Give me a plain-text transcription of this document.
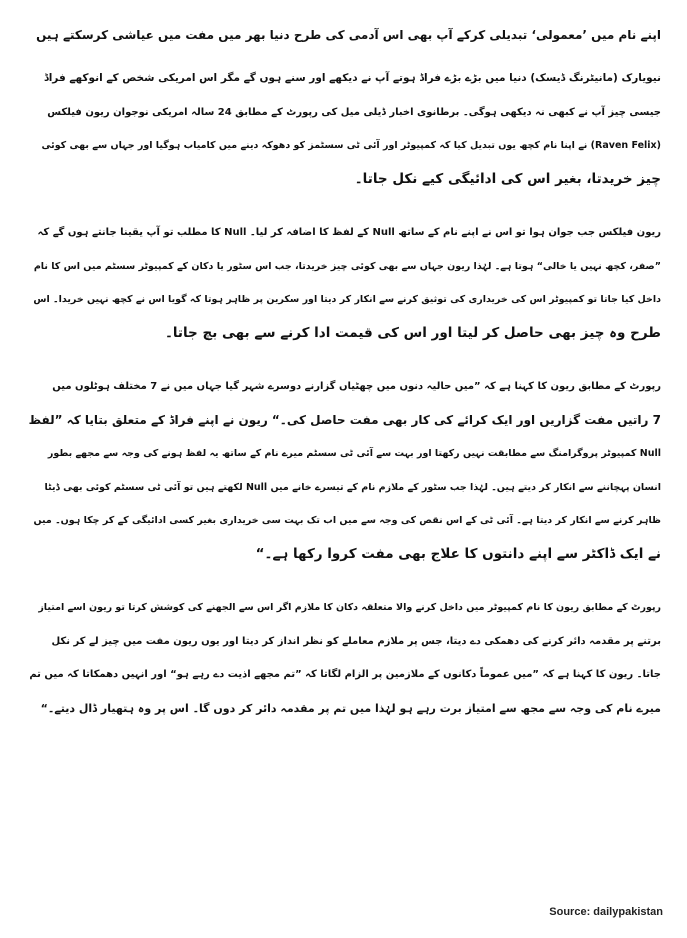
اپنے نام میں ’معمولی‘ تبدیلی کرکے آپ بھی اس آدمی کی طرح دنیا بھر میں مفت میں عیاشی کرسکتے ہیں
نیویارک (مانیٹرنگ ڈیسک) دنیا میں بڑے بڑے فراڈ ہوتے آپ نے دیکھے اور سنے ہوں گے مگر اس امریکی شخص کے انوکھے فراڈ
جیسی چیز آپ نے کبھی نہ دیکھی ہوگی۔ برطانوی اخبار ڈیلی میل کی رپورٹ کے مطابق 24 سالہ امریکی نوجوان ریون فیلکس
(Raven Felix) نے اپنا نام کچھ یوں تبدیل کیا کہ کمپیوٹر اور آئی ٹی سسٹمز کو دھوکہ دینے میں کامیاب ہوگیا اور جہاں سے بھی کوئی
چیز خریدتا، بغیر اس کی ادائیگی کیے نکل جاتا۔
ریون فیلکس جب جوان ہوا تو اس نے اپنے نام کے ساتھ Null کے لفظ کا اضافہ کر لیا۔ Null کا مطلب تو آپ یقینا جانتے ہوں گے کہ
”صفر، کچھ نہیں یا خالی“ ہوتا ہے۔ لہٰذا ریون جہاں سے بھی کوئی چیز خریدتا، جب اس سٹور یا دکان کے کمپیوٹر سسٹم میں اس کا نام
داخل کیا جاتا تو کمپیوٹر اس کی خریداری کی توثیق کرنے سے انکار کر دیتا اور سکرین پر ظاہر ہوتا کہ گویا اس نے کچھ نہیں خریدا۔ اس
طرح وہ چیز بھی حاصل کر لیتا اور اس کی قیمت ادا کرنے سے بھی بچ جاتا۔
رپورٹ کے مطابق ریون کا کہنا ہے کہ ”میں حالیہ دنوں میں چھٹیاں گزارنے دوسرے شہر گیا جہاں میں نے 7 مختلف ہوٹلوں میں
7 راتیں مفت گزاریں اور ایک کرائے کی کار بھی مفت حاصل کی۔“ ریون نے اپنے فراڈ کے متعلق بتایا کہ ”لفظ
Null کمپیوٹر پروگرامنگ سے مطابقت نہیں رکھتا اور بہت سے آئی ٹی سسٹم میرے نام کے ساتھ یہ لفظ ہونے کی وجہ سے مجھے بطور
انسان پہچاننے سے انکار کر دیتے ہیں۔ لہٰذا جب سٹور کے ملازم نام کے تیسرے خانے میں Null لکھتے ہیں تو آئی ٹی سسٹم کوئی بھی ڈیٹا
ظاہر کرنے سے انکار کر دیتا ہے۔ آئی ٹی کے اس نقص کی وجہ سے میں اب تک بہت سی خریداری بغیر کسی ادائیگی کے کر چکا ہوں۔ میں
نے ایک ڈاکٹر سے اپنے دانتوں کا علاج بھی مفت کروا رکھا ہے۔“
رپورٹ کے مطابق ریون کا نام کمپیوٹر میں داخل کرنے والا متعلقہ دکان کا ملازم اگر اس سے الجھنے کی کوشش کرتا تو ریون اسے امتیاز
برتنے پر مقدمہ دائر کرنے کی دھمکی دے دیتا، جس پر ملازم معاملے کو نظر انداز کر دیتا اور یوں ریون مفت میں چیز لے کر نکل
جاتا۔ ریون کا کہنا ہے کہ ”میں عموماً دکانوں کے ملازمین پر الزام لگاتا کہ ”تم مجھے اذیت دے رہے ہو“ اور انہیں دھمکاتا کہ میں تم
میرے نام کی وجہ سے مجھ سے امتیاز برت رہے ہو لہٰذا میں تم پر مقدمہ دائر کر دوں گا۔ اس پر وہ ہتھیار ڈال دیتے۔“
Source: dailypakistan
